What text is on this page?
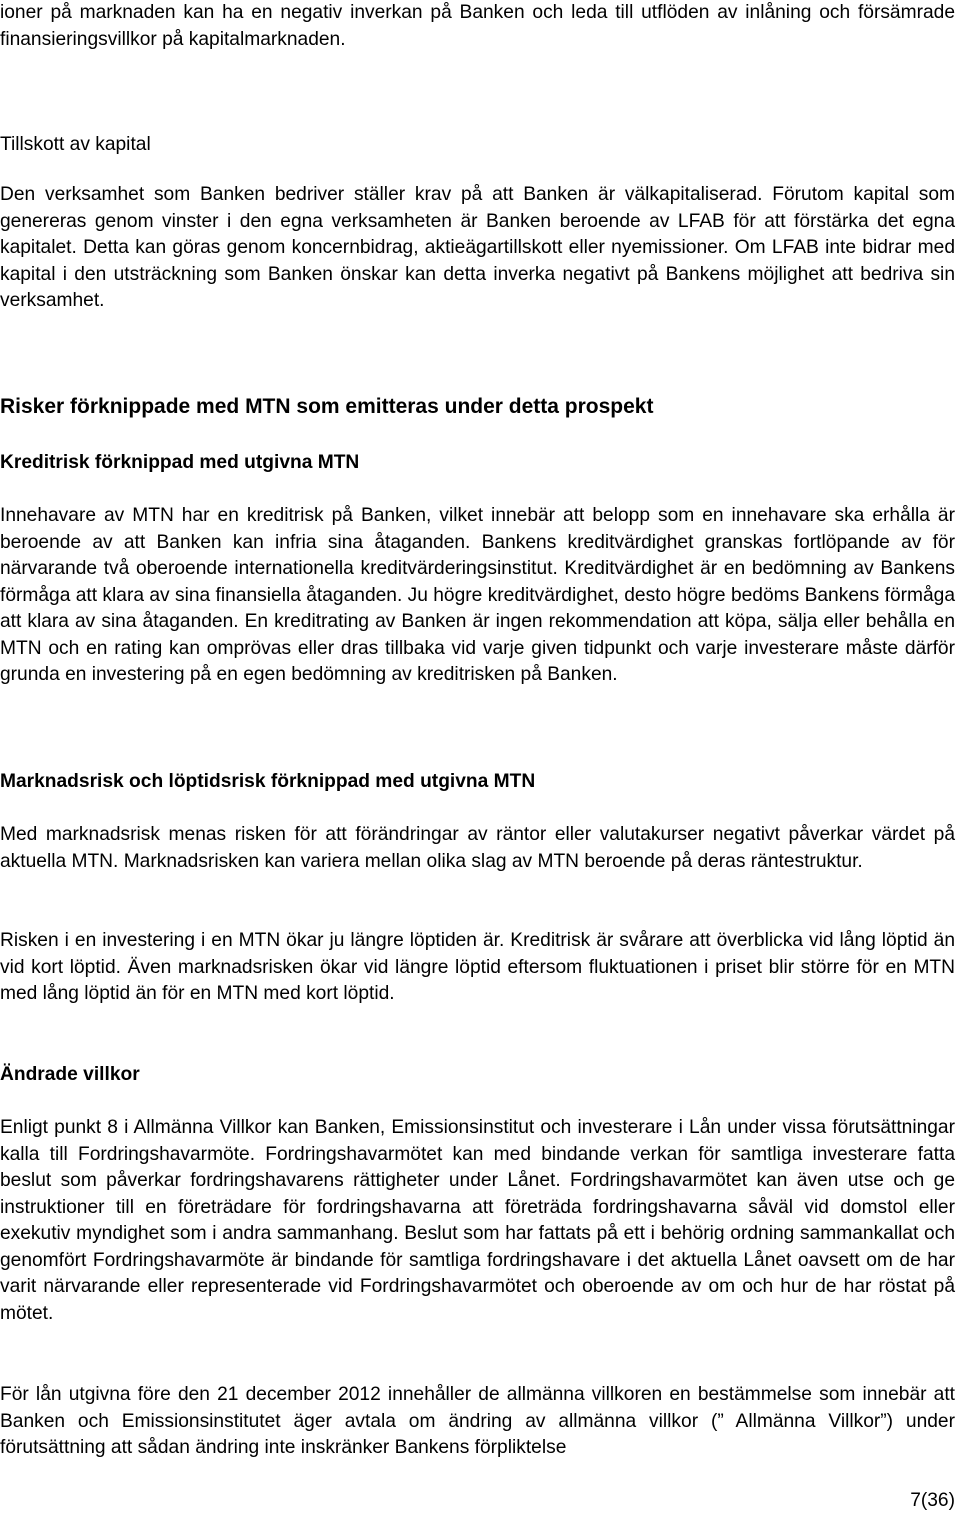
ioner på marknaden kan ha en negativ inverkan på Banken och leda till utflöden av inlåning och försämrade finansieringsvillkor på kapitalmarknaden.

Tillskott av kapital

Den verksamhet som Banken bedriver ställer krav på att Banken är välkapitaliserad. Förutom kapital som genereras genom vinster i den egna verksamheten är Banken beroende av LFAB för att förstärka det egna kapitalet. Detta kan göras genom koncernbidrag, aktieägartillskott eller nyemissioner. Om LFAB inte bidrar med kapital i den utsträckning som Banken önskar kan detta inverka negativt på Bankens möjlighet att bedriva sin verksamhet.

Risker förknippade med MTN som emitteras under detta prospekt
Kreditrisk förknippad med utgivna MTN

Innehavare av MTN har en kreditrisk på Banken, vilket innebär att belopp som en innehavare ska erhålla är beroende av att Banken kan infria sina åtaganden. Bankens kreditvärdighet granskas fortlöpande av för närvarande två oberoende internationella kreditvärderingsinstitut. Kreditvärdighet är en bedömning av Bankens förmåga att klara av sina finansiella åtaganden. Ju högre kreditvärdighet, desto högre bedöms Bankens förmåga att klara av sina åtaganden. En kreditrating av Banken är ingen rekommendation att köpa, sälja eller behålla en MTN och en rating kan omprövas eller dras tillbaka vid varje given tidpunkt och varje investerare måste därför grunda en investering på en egen bedömning av kreditrisken på Banken.

Marknadsrisk och löptidsrisk förknippad med utgivna MTN

Med marknadsrisk menas risken för att förändringar av räntor eller valutakurser negativt påverkar värdet på aktuella MTN. Marknadsrisken kan variera mellan olika slag av MTN beroende på deras räntestruktur.

Risken i en investering i en MTN ökar ju längre löptiden är. Kreditrisk är svårare att överblicka vid lång löptid än vid kort löptid. Även marknadsrisken ökar vid längre löptid eftersom fluktuationen i priset blir större för en MTN med lång löptid än för en MTN med kort löptid.

Ändrade villkor

Enligt punkt 8 i Allmänna Villkor kan Banken, Emissionsinstitut och investerare i Lån under vissa förutsättningar kalla till Fordringshavarmöte. Fordringshavarmötet kan med bindande verkan för samtliga investerare fatta beslut som påverkar fordringshavarens rättigheter under Lånet. Fordringshavarmötet kan även utse och ge instruktioner till en företrädare för fordringshavarna att företräda fordringshavarna såväl vid domstol eller exekutiv myndighet som i andra sammanhang. Beslut som har fattats på ett i behörig ordning sammankallat och genomfört Fordringshavarmöte är bindande för samtliga fordringshavare i det aktuella Lånet oavsett om de har varit närvarande eller representerade vid Fordringshavarmötet och oberoende av om och hur de har röstat på mötet.

För lån utgivna före den 21 december 2012 innehåller de allmänna villkoren en bestämmelse som innebär att Banken och Emissionsinstitutet äger avtala om ändring av allmänna villkor (” Allmänna Villkor”) under förutsättning att sådan ändring inte inskränker Bankens förpliktelse

7(36)
